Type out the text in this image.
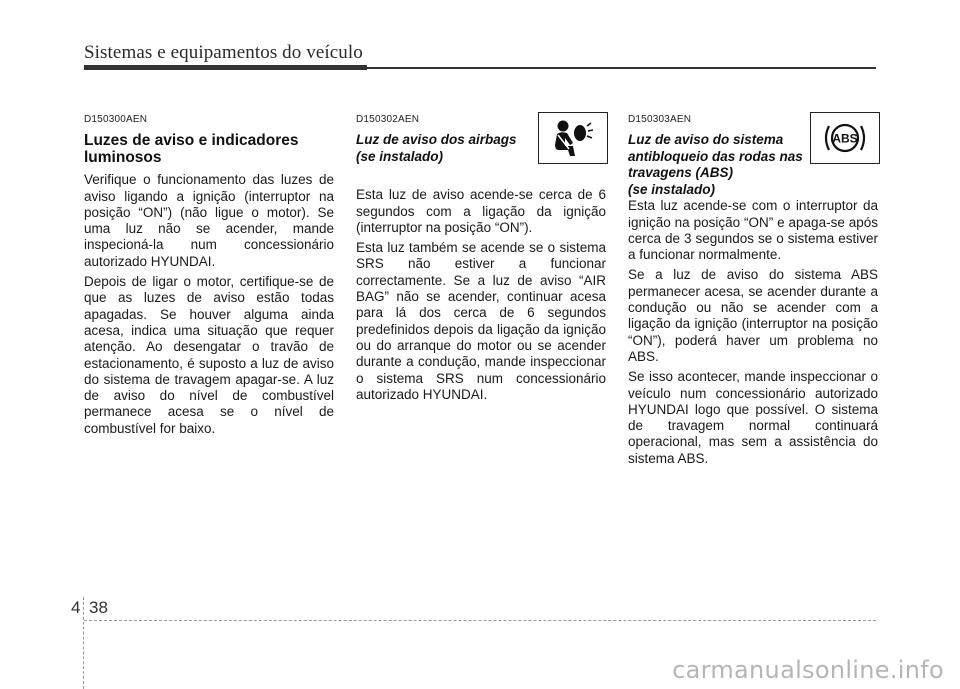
Sistemas e equipamentos do veículo
D150300AEN
Luzes de aviso e indicadores luminosos

Verifique o funcionamento das luzes de aviso ligando a ignição (interruptor na posição “ON”) (não ligue o motor). Se uma luz não se acender, mande inspecioná-la num concessionário autorizado HYUNDAI.

Depois de ligar o motor, certifique-se de que as luzes de aviso estão todas apagadas. Se houver alguma ainda acesa, indica uma situação que requer atenção. Ao desengatar o travão de estacionamento, é suposto a luz de aviso do sistema de travagem apagar-se. A luz de aviso do nível de combustível permanece acesa se o nível de combustível for baixo.

D150302AEN
Luz de aviso dos airbags
(se instalado)

Esta luz de aviso acende-se cerca de 6 segundos com a ligação da ignição (interruptor na posição “ON”).

Esta luz também se acende se o sistema SRS não estiver a funcionar correctamente. Se a luz de aviso “AIR BAG” não se acender, continuar acesa para lá dos cerca de 6 segundos predefinidos depois da ligação da ignição ou do arranque do motor ou se acender durante a condução, mande inspeccionar o sistema SRS num concessionário autorizado HYUNDAI.

D150303AEN
Luz de aviso do sistema
antibloqueio das rodas nas
travagens (ABS)
(se instalado)

Esta luz acende-se com o interruptor da ignição na posição “ON” e apaga-se após cerca de 3 segundos se o sistema estiver a funcionar normalmente.

Se a luz de aviso do sistema ABS permanecer acesa, se acender durante a condução ou não se acender com a ligação da ignição (interruptor na posição “ON”), poderá haver um problema no ABS.

Se isso acontecer, mande inspeccionar o veículo num concessionário autorizado HYUNDAI logo que possível. O sistema de travagem normal continuará operacional, mas sem a assistência do sistema ABS.

ABS
4 38
carmanualsonline.info
